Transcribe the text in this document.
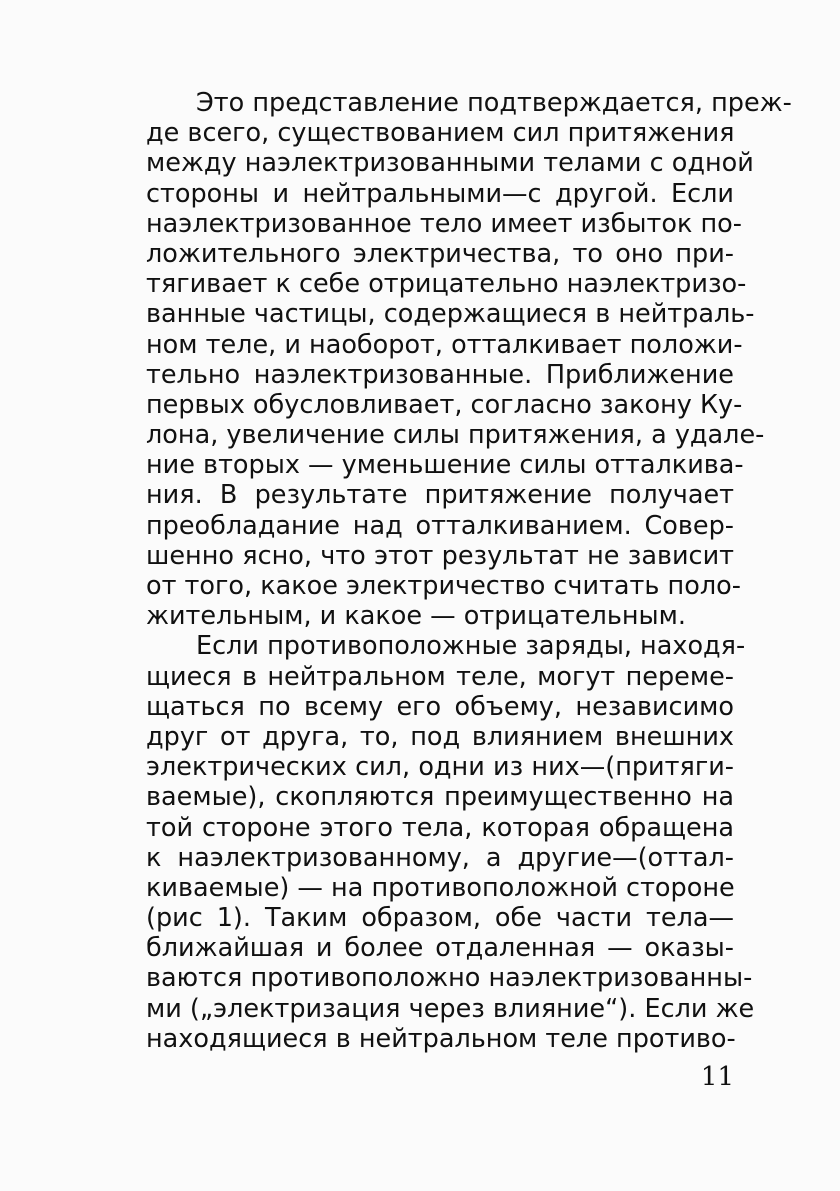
Это представление подтверждается, преж-
де всего, существованием сил притяжения
между наэлектризованными телами с одной
стороны и нейтральными—с другой. Если
наэлектризованное тело имеет избыток по-
ложительного электричества, то оно при-
тягивает к себе отрицательно наэлектризо-
ванные частицы, содержащиеся в нейтраль-
ном теле, и наоборот, отталкивает положи-
тельно наэлектризованные. Приближение
первых обусловливает, согласно закону Ку-
лона, увеличение силы притяжения, а удале-
ние вторых — уменьшение силы отталкива-
ния. В результате притяжение получает
преобладание над отталкиванием. Совер-
шенно ясно, что этот результат не зависит
от того, какое электричество считать поло-
жительным, и какое — отрицательным.
Если противоположные заряды, находя-
щиеся в нейтральном теле, могут переме-
щаться по всему его объему, независимо
друг от друга, то, под влиянием внешних
электрических сил, одни из них—(притяги-
ваемые), скопляются преимущественно на
той стороне этого тела, которая обращена
к наэлектризованному, а другие—(оттал-
киваемые) — на противоположной стороне
(рис 1). Таким образом, обе части тела—
ближайшая и более отдаленная — оказы-
ваются противоположно наэлектризованны-
ми („электризация через влияние“). Если же
находящиеся в нейтральном теле противо-
11
